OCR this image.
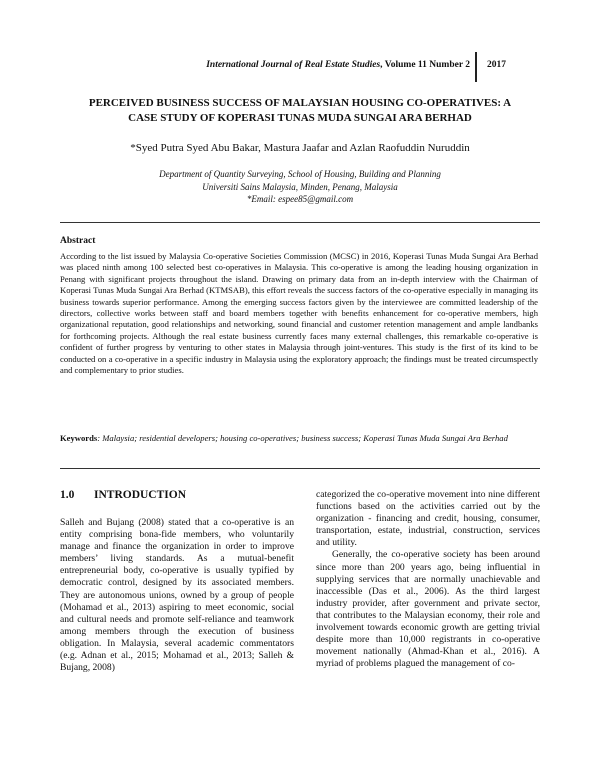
International Journal of Real Estate Studies, Volume 11 Number 2 2017
PERCEIVED BUSINESS SUCCESS OF MALAYSIAN HOUSING CO-OPERATIVES: A
CASE STUDY OF KOPERASI TUNAS MUDA SUNGAI ARA BERHAD
*Syed Putra Syed Abu Bakar, Mastura Jaafar and Azlan Raofuddin Nuruddin
Department of Quantity Surveying, School of Housing, Building and Planning
Universiti Sains Malaysia, Minden, Penang, Malaysia
*Email: espee85@gmail.com
Abstract
According to the list issued by Malaysia Co-operative Societies Commission (MCSC) in 2016, Koperasi Tunas Muda Sungai Ara Berhad was placed ninth among 100 selected best co-operatives in Malaysia. This co-operative is among the leading housing organization in Penang with significant projects throughout the island. Drawing on primary data from an in-depth interview with the Chairman of Koperasi Tunas Muda Sungai Ara Berhad (KTMSAB), this effort reveals the success factors of the co-operative especially in managing its business towards superior performance. Among the emerging success factors given by the interviewee are committed leadership of the directors, collective works between staff and board members together with benefits enhancement for co-operative members, high organizational reputation, good relationships and networking, sound financial and customer retention management and ample landbanks for forthcoming projects. Although the real estate business currently faces many external challenges, this remarkable co-operative is confident of further progress by venturing to other states in Malaysia through joint-ventures. This study is the first of its kind to be conducted on a co-operative in a specific industry in Malaysia using the exploratory approach; the findings must be treated circumspectly and complementary to prior studies.
Keywords: Malaysia; residential developers; housing co-operatives; business success; Koperasi Tunas Muda Sungai Ara Berhad
1.0 INTRODUCTION

Salleh and Bujang (2008) stated that a co-operative is an entity comprising bona-fide members, who voluntarily manage and finance the organization in order to improve members’ living standards. As a mutual-benefit entrepreneurial body, co-operative is usually typified by democratic control, designed by its associated members. They are autonomous unions, owned by a group of people (Mohamad et al., 2013) aspiring to meet economic, social and cultural needs and promote self-reliance and teamwork among members through the execution of business obligation. In Malaysia, several academic commentators (e.g. Adnan et al., 2015; Mohamad et al., 2013; Salleh & Bujang, 2008)

categorized the co-operative movement into nine different functions based on the activities carried out by the organization - financing and credit, housing, consumer, transportation, estate, industrial, construction, services and utility.

Generally, the co-operative society has been around since more than 200 years ago, being influential in supplying services that are normally unachievable and inaccessible (Das et al., 2006). As the third largest industry provider, after government and private sector, that contributes to the Malaysian economy, their role and involvement towards economic growth are getting trivial despite more than 10,000 registrants in co-operative movement nationally (Ahmad-Khan et al., 2016). A myriad of problems plagued the management of co-
